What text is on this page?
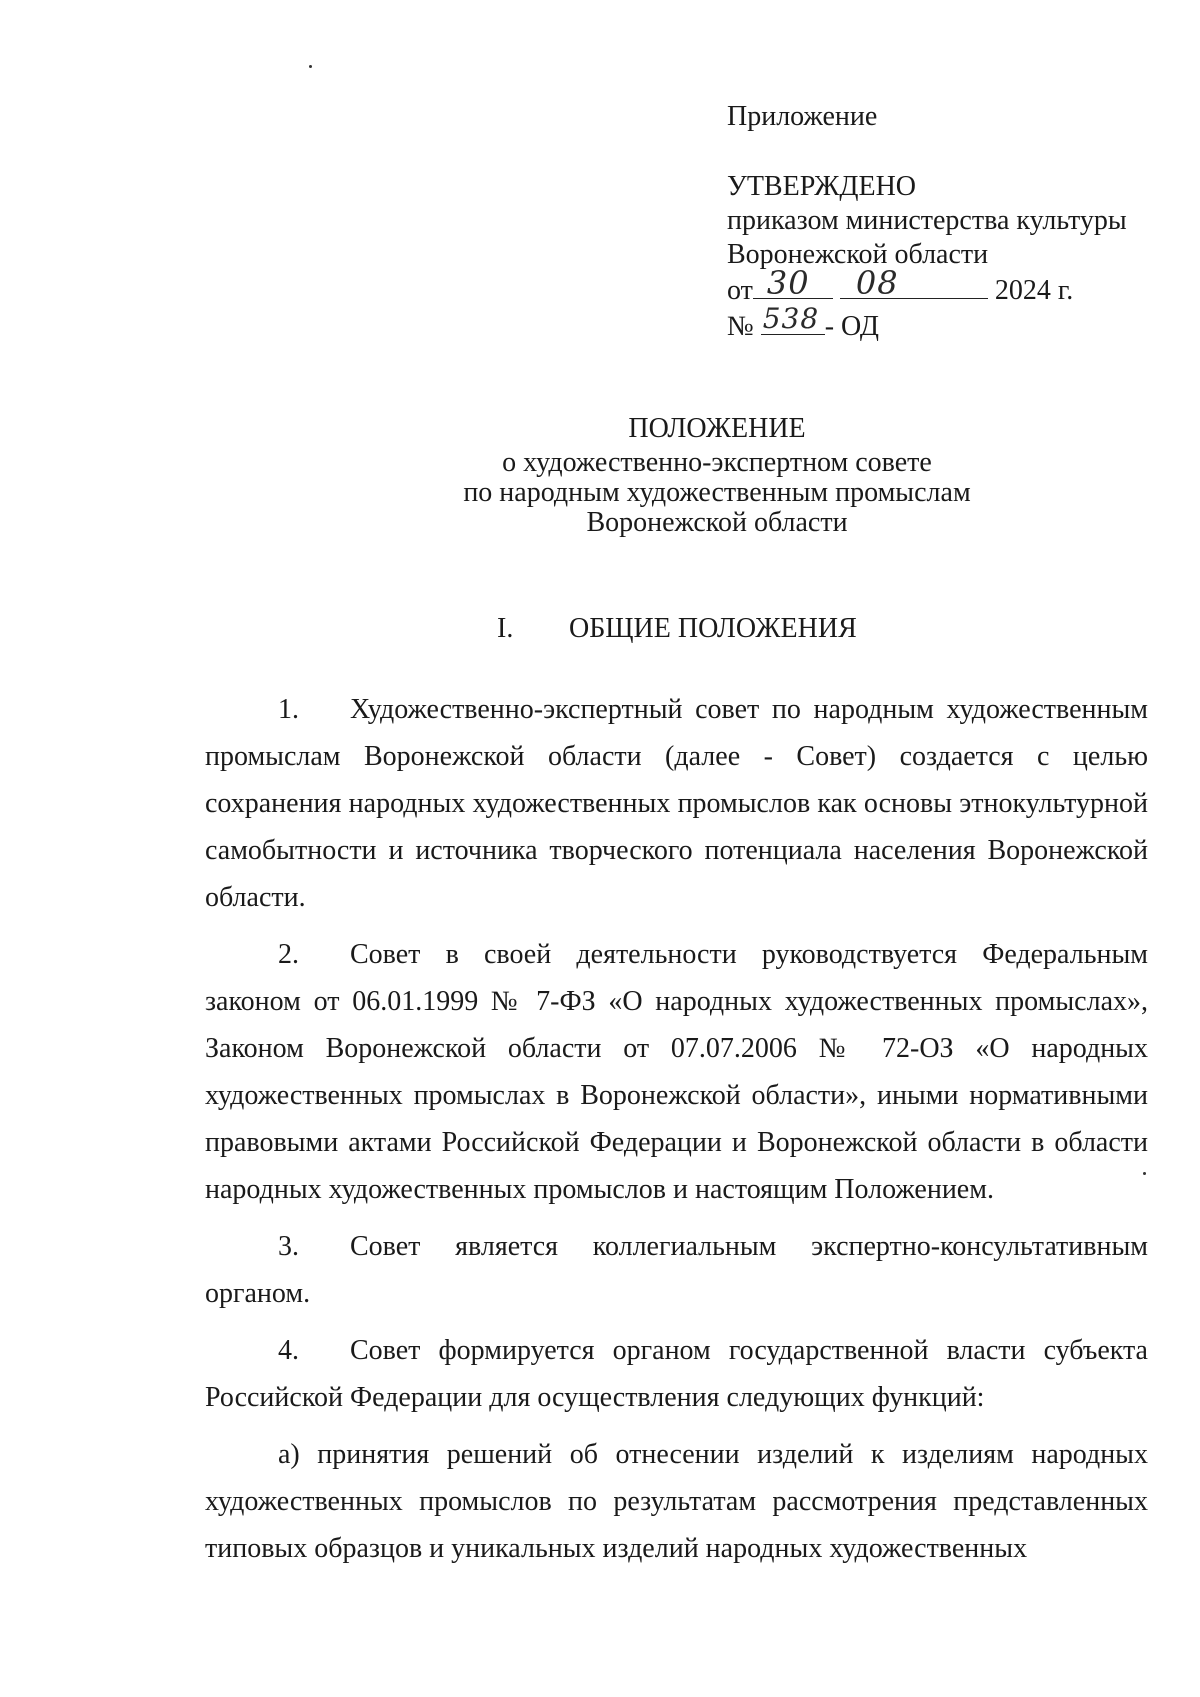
Приложение
УТВЕРЖДЕНО
приказом министерства культуры
Воронежской области
от 30
08	2024 г.
№ 538 - ОД
ПОЛОЖЕНИЕ
о художественно-экспертном совете
по народным художественным промыслам
Воронежской области
I. ОБЩИЕ ПОЛОЖЕНИЯ

1. Художественно-экспертный совет по народным художественным промыслам Воронежской области (далее - Совет) создается с целью сохранения народных художественных промыслов как основы этнокультурной самобытности и источника творческого потенциала населения Воронежской области.

2. Совет в своей деятельности руководствуется Федеральным законом от 06.01.1999 № 7-ФЗ «О народных художественных промыслах», Законом Воронежской области от 07.07.2006 № 72-ОЗ «О народных художественных промыслах в Воронежской области», иными нормативными правовыми актами Российской Федерации и Воронежской области в области народных художественных промыслов и настоящим Положением.

3. Совет является коллегиальным экспертно-консультативным органом.

4. Совет формируется органом государственной власти субъекта Российской Федерации для осуществления следующих функций:

а) принятия решений об отнесении изделий к изделиям народных художественных промыслов по результатам рассмотрения представленных типовых образцов и уникальных изделий народных художественных
